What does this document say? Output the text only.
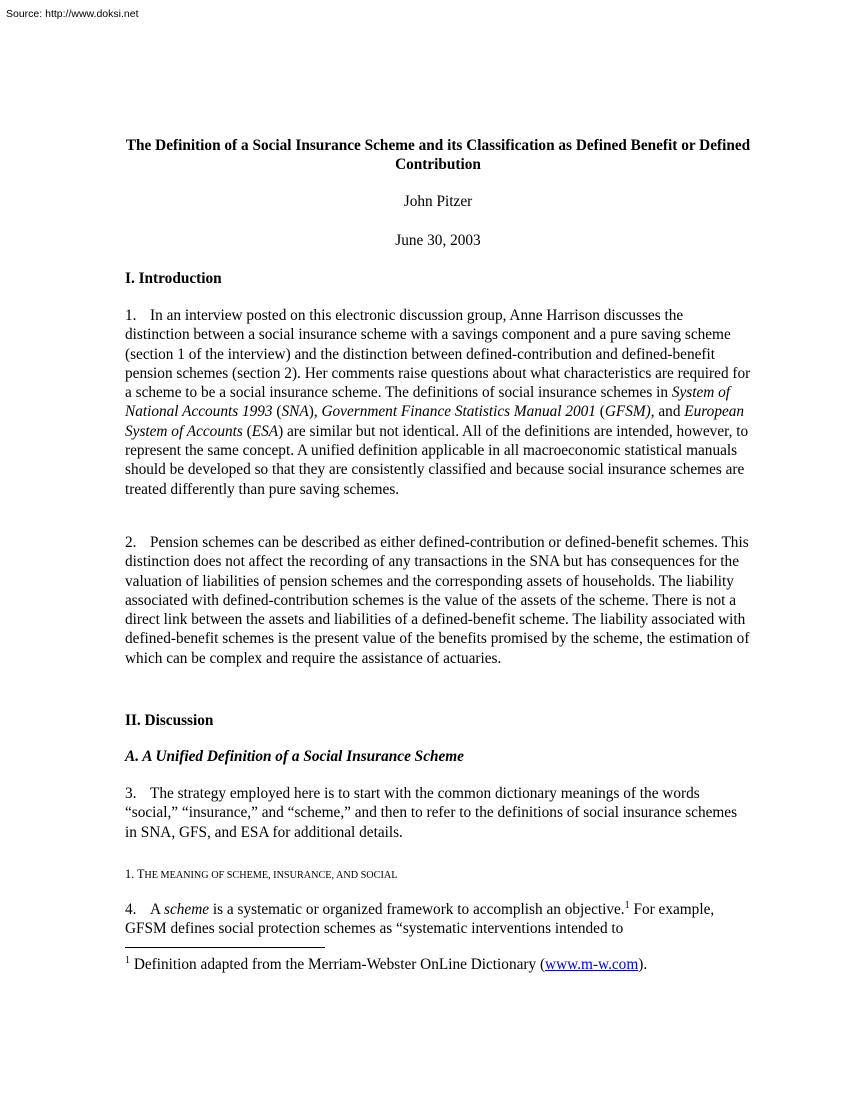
Source: http://www.doksi.net
The Definition of a Social Insurance Scheme and its Classification as Defined Benefit or Defined Contribution
John Pitzer
June 30, 2003
I. Introduction

1. In an interview posted on this electronic discussion group, Anne Harrison discusses the distinction between a social insurance scheme with a savings component and a pure saving scheme (section 1 of the interview) and the distinction between defined-contribution and defined-benefit pension schemes (section 2). Her comments raise questions about what characteristics are required for a scheme to be a social insurance scheme. The definitions of social insurance schemes in System of National Accounts 1993 (SNA), Government Finance Statistics Manual 2001 (GFSM), and European System of Accounts (ESA) are similar but not identical. All of the definitions are intended, however, to represent the same concept. A unified definition applicable in all macroeconomic statistical manuals should be developed so that they are consistently classified and because social insurance schemes are treated differently than pure saving schemes.

2. Pension schemes can be described as either defined-contribution or defined-benefit schemes. This distinction does not affect the recording of any transactions in the SNA but has consequences for the valuation of liabilities of pension schemes and the corresponding assets of households. The liability associated with defined-contribution schemes is the value of the assets of the scheme. There is not a direct link between the assets and liabilities of a defined-benefit scheme. The liability associated with defined-benefit schemes is the present value of the benefits promised by the scheme, the estimation of which can be complex and require the assistance of actuaries.

II. Discussion
A. A Unified Definition of a Social Insurance Scheme

3. The strategy employed here is to start with the common dictionary meanings of the words “social,” “insurance,” and “scheme,” and then to refer to the definitions of social insurance schemes in SNA, GFS, and ESA for additional details.

1. THE MEANING OF SCHEME, INSURANCE, AND SOCIAL

4. A scheme is a systematic or organized framework to accomplish an objective.$^1$ For example, GFSM defines social protection schemes as “systematic interventions intended to

$^1$ Definition adapted from the Merriam-Webster OnLine Dictionary (www.m-w.com).
